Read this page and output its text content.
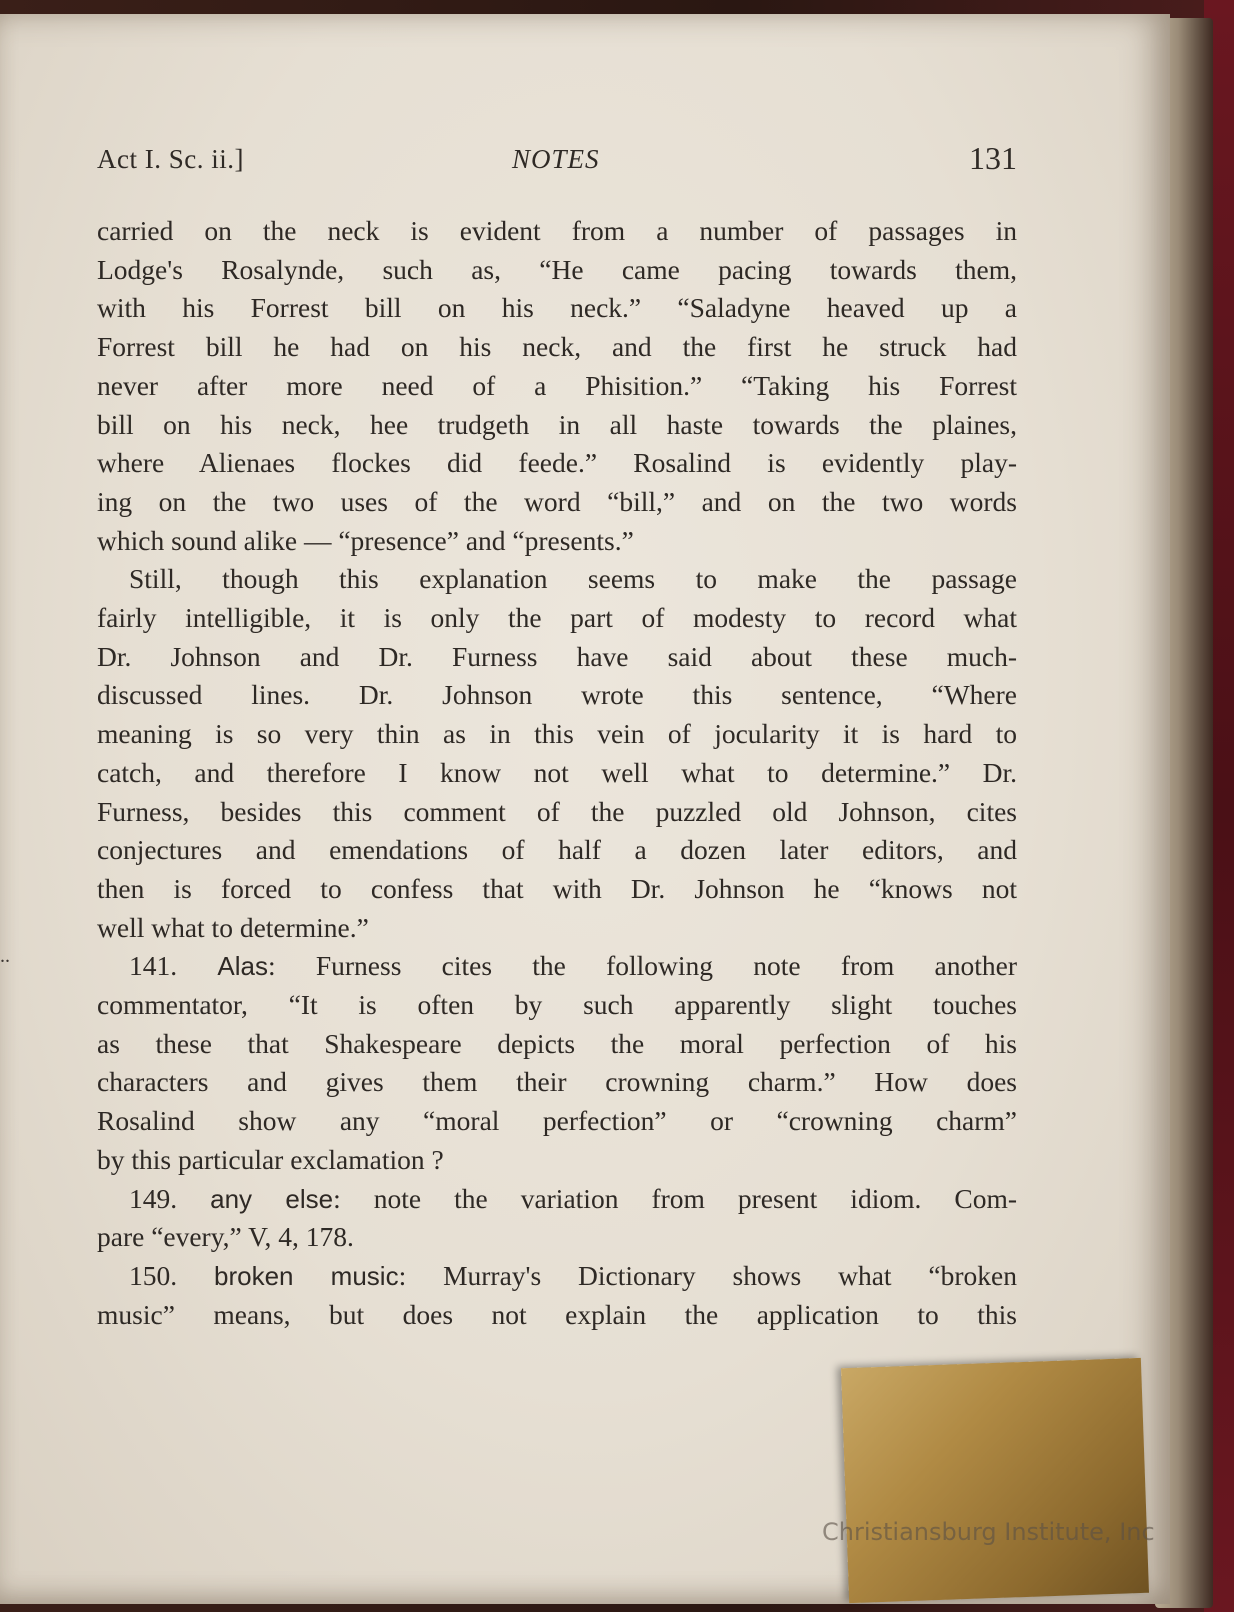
Act I. Sc. ii.]	NOTES	131
..
carried on the neck is evident from a number of passages in
Lodge's Rosalynde, such as, “He came pacing towards them,
with his Forrest bill on his neck.” “Saladyne heaved up a
Forrest bill he had on his neck, and the first he struck had
never after more need of a Phisition.” “Taking his Forrest
bill on his neck, hee trudgeth in all haste towards the plaines,
where Alienaes flockes did feede.” Rosalind is evidently play-
ing on the two uses of the word “bill,” and on the two words
which sound alike — “presence” and “presents.”
Still, though this explanation seems to make the passage
fairly intelligible, it is only the part of modesty to record what
Dr. Johnson and Dr. Furness have said about these much-
discussed lines. Dr. Johnson wrote this sentence, “Where
meaning is so very thin as in this vein of jocularity it is hard to
catch, and therefore I know not well what to determine.” Dr.
Furness, besides this comment of the puzzled old Johnson, cites
conjectures and emendations of half a dozen later editors, and
then is forced to confess that with Dr. Johnson he “knows not
well what to determine.”
141. Alas: Furness cites the following note from another
commentator, “It is often by such apparently slight touches
as these that Shakespeare depicts the moral perfection of his
characters and gives them their crowning charm.” How does
Rosalind show any “moral perfection” or “crowning charm”
by this particular exclamation ?
149. any else: note the variation from present idiom. Com-
pare “every,” V, 4, 178.
150. broken music: Murray's Dictionary shows what “broken
music” means, but does not explain the application to this
Christiansburg Institute, Inc
